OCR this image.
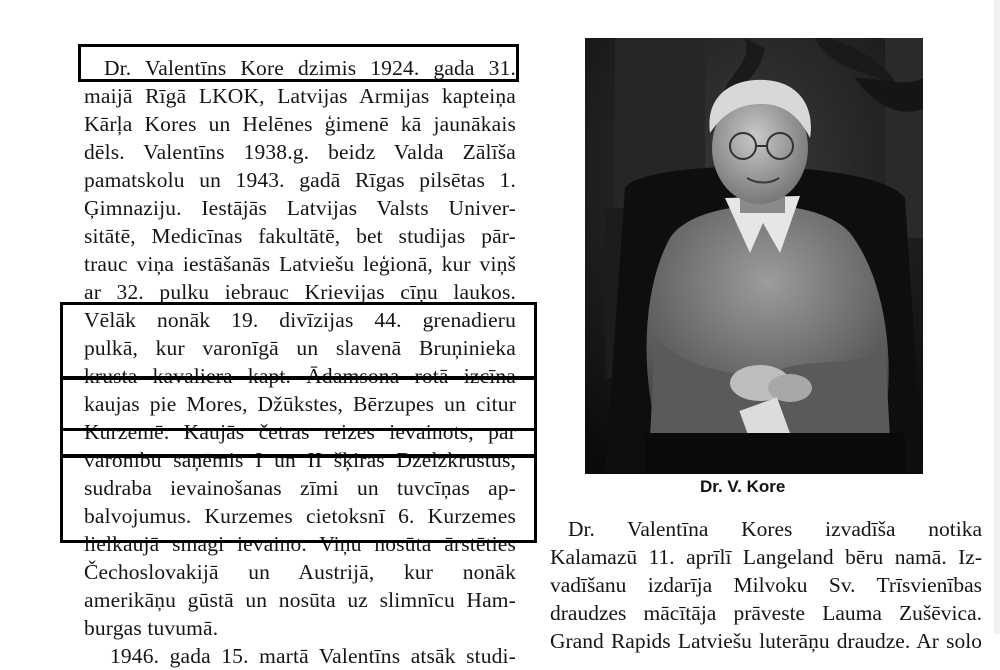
Dr. Valentīns Kore dzimis 1924. gada 31.
maijā Rīgā LKOK, Latvijas Armijas kapteiņa
Kārļa Kores un Helēnes ģimenē kā jaunākais
dēls. Valentīns 1938.g. beidz Valda Zālīša
pamatskolu un 1943. gadā Rīgas pilsētas 1.
Ģimnaziju. Iestājās Latvijas Valsts Univer-
sitātē, Medicīnas fakultātē, bet studijas pār-
trauc viņa iestāšanās Latviešu leģionā, kur viņš
ar 32. pulku iebrauc Krievijas cīņu laukos.
Vēlāk nonāk 19. divīzijas 44. grenadieru
pulkā, kur varonīgā un slavenā Bruņinieka
krusta kavaliera kapt. Ādamsona rotā izcīna
kaujas pie Mores, Džūkstes, Bērzupes un citur
Kurzemē. Kaujās četras reizes ievainots, par
varonību saņēmis I un II šķiras Dzelzkrustus,
sudraba ievainošanas zīmi un tuvcīņas ap-
balvojumus. Kurzemes cietoksnī 6. Kurzemes
lielkaujā smagi ievaino. Viņu nosūta ārstēties
Čechoslovakijā un Austrijā, kur nonāk
amerikāņu gūstā un nosūta uz slimnīcu Ham-
burgas tuvumā.
1946. gada 15. martā Valentīns atsāk studi-
Dr. V. Kore
Dr. Valentīna Kores izvadīša notika
Kalamazū 11. aprīlī Langeland bēru namā. Iz-
vadīšanu izdarīja Milvoku Sv. Trīsvienības
draudzes mācītāja prāveste Lauma Zušēvica.
Grand Rapids Latviešu luterāņu draudze. Ar solo
